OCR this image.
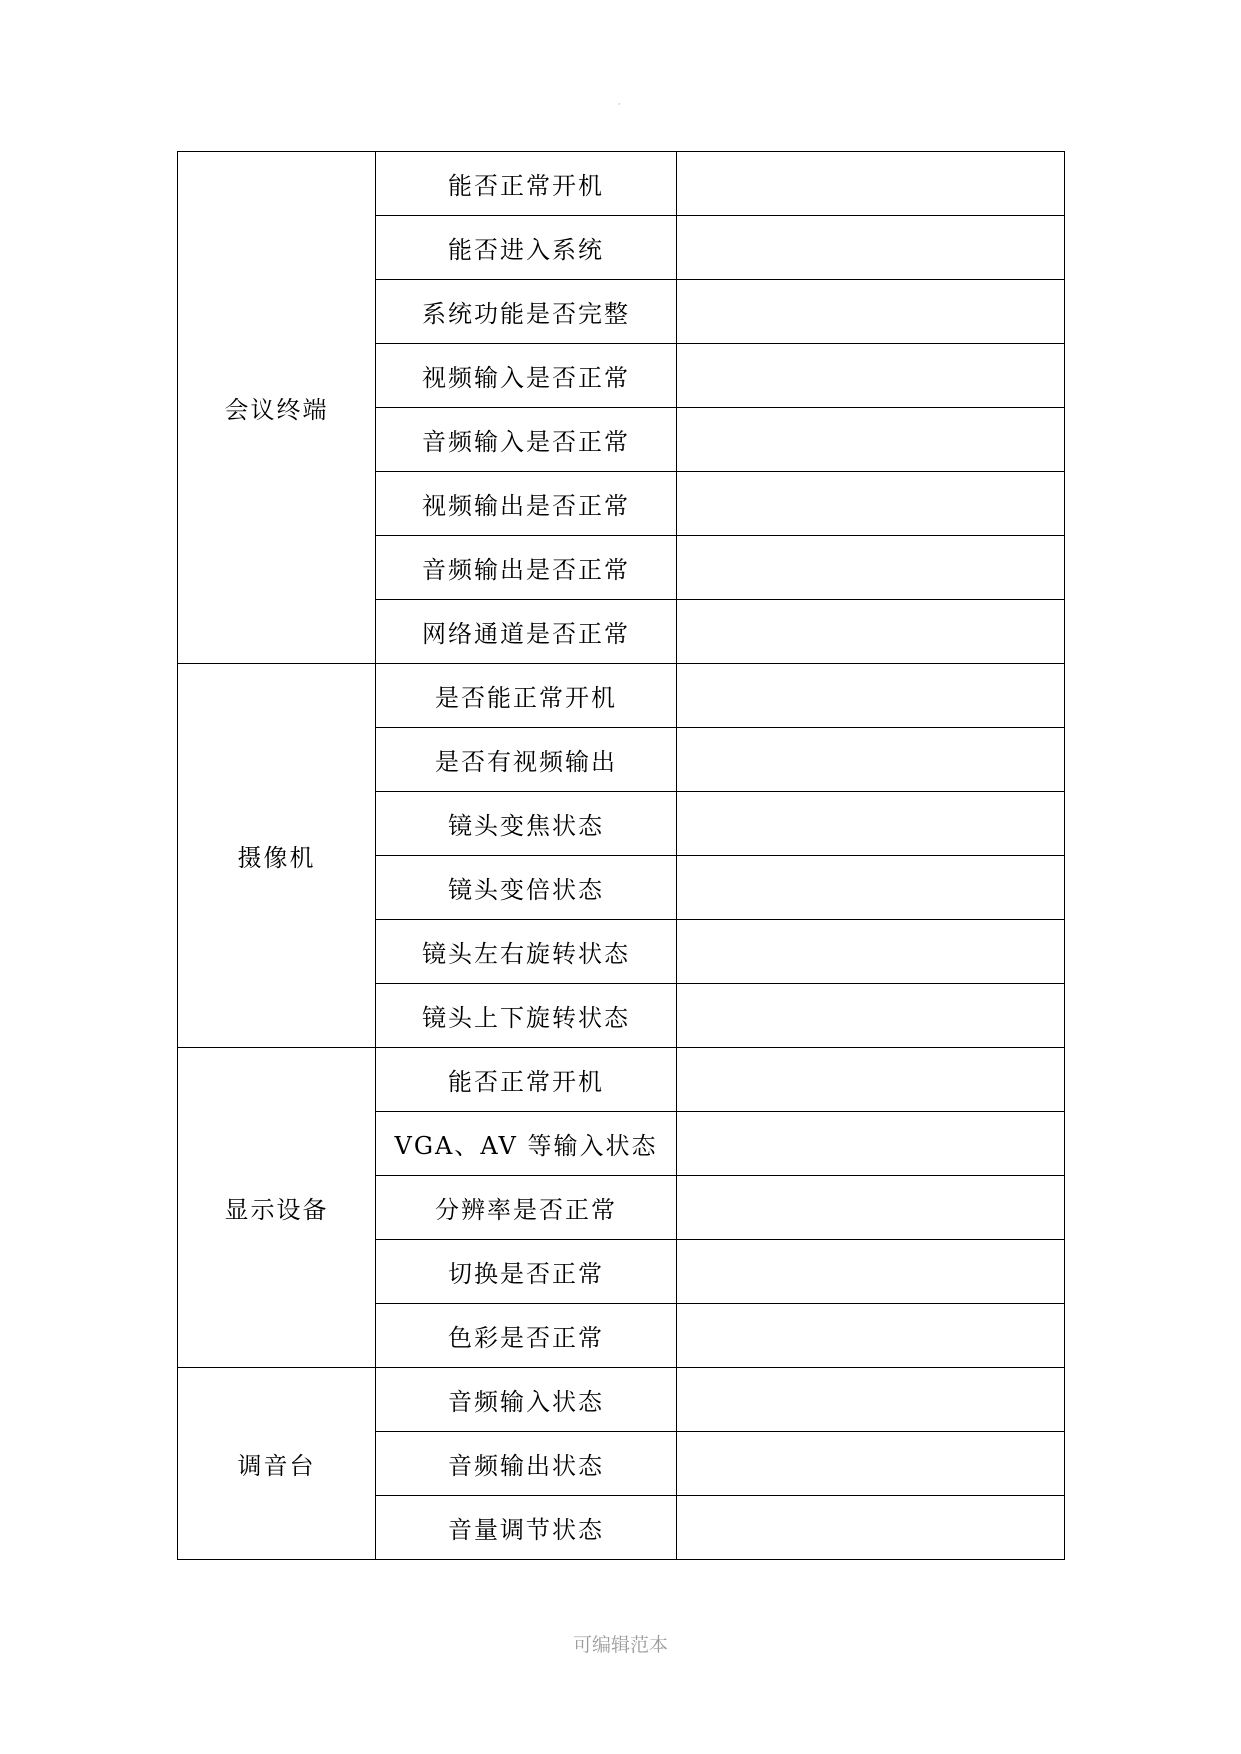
·
会议终端	能否正常开机	
	能否进入系统	
	系统功能是否完整	
	视频输入是否正常	
	音频输入是否正常	
	视频输出是否正常	
	音频输出是否正常	
	网络通道是否正常	
摄像机	是否能正常开机	
	是否有视频输出	
	镜头变焦状态	
	镜头变倍状态	
	镜头左右旋转状态	
	镜头上下旋转状态	
显示设备	能否正常开机	
	VGA、AV 等输入状态	
	分辨率是否正常	
	切换是否正常	
	色彩是否正常	
调音台	音频输入状态	
	音频输出状态	
	音量调节状态	
可编辑范本
